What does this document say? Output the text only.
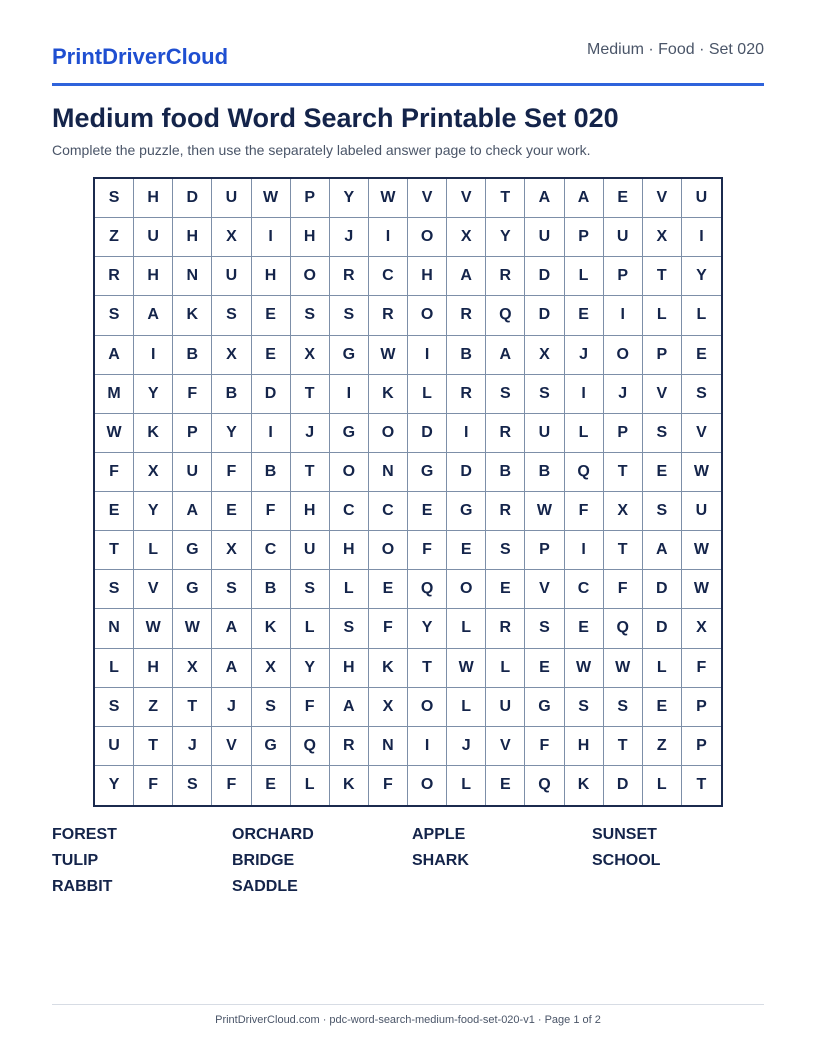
PrintDriverCloud	Medium · Food · Set 020
Medium food Word Search Printable Set 020
Complete the puzzle, then use the separately labeled answer page to check your work.
S	H	D	U	W	P	Y	W	V	V	T	A	A	E	V	U
Z	U	H	X	I	H	J	I	O	X	Y	U	P	U	X	I
R	H	N	U	H	O	R	C	H	A	R	D	L	P	T	Y
S	A	K	S	E	S	S	R	O	R	Q	D	E	I	L	L
A	I	B	X	E	X	G	W	I	B	A	X	J	O	P	E
M	Y	F	B	D	T	I	K	L	R	S	S	I	J	V	S
W	K	P	Y	I	J	G	O	D	I	R	U	L	P	S	V
F	X	U	F	B	T	O	N	G	D	B	B	Q	T	E	W
E	Y	A	E	F	H	C	C	E	G	R	W	F	X	S	U
T	L	G	X	C	U	H	O	F	E	S	P	I	T	A	W
S	V	G	S	B	S	L	E	Q	O	E	V	C	F	D	W
N	W	W	A	K	L	S	F	Y	L	R	S	E	Q	D	X
L	H	X	A	X	Y	H	K	T	W	L	E	W	W	L	F
S	Z	T	J	S	F	A	X	O	L	U	G	S	S	E	P
U	T	J	V	G	Q	R	N	I	J	V	F	H	T	Z	P
Y	F	S	F	E	L	K	F	O	L	E	Q	K	D	L	T
FOREST	ORCHARD	APPLE	SUNSET
TULIP	BRIDGE	SHARK	SCHOOL
RABBIT	SADDLE
PrintDriverCloud.com · pdc-word-search-medium-food-set-020-v1 · Page 1 of 2
